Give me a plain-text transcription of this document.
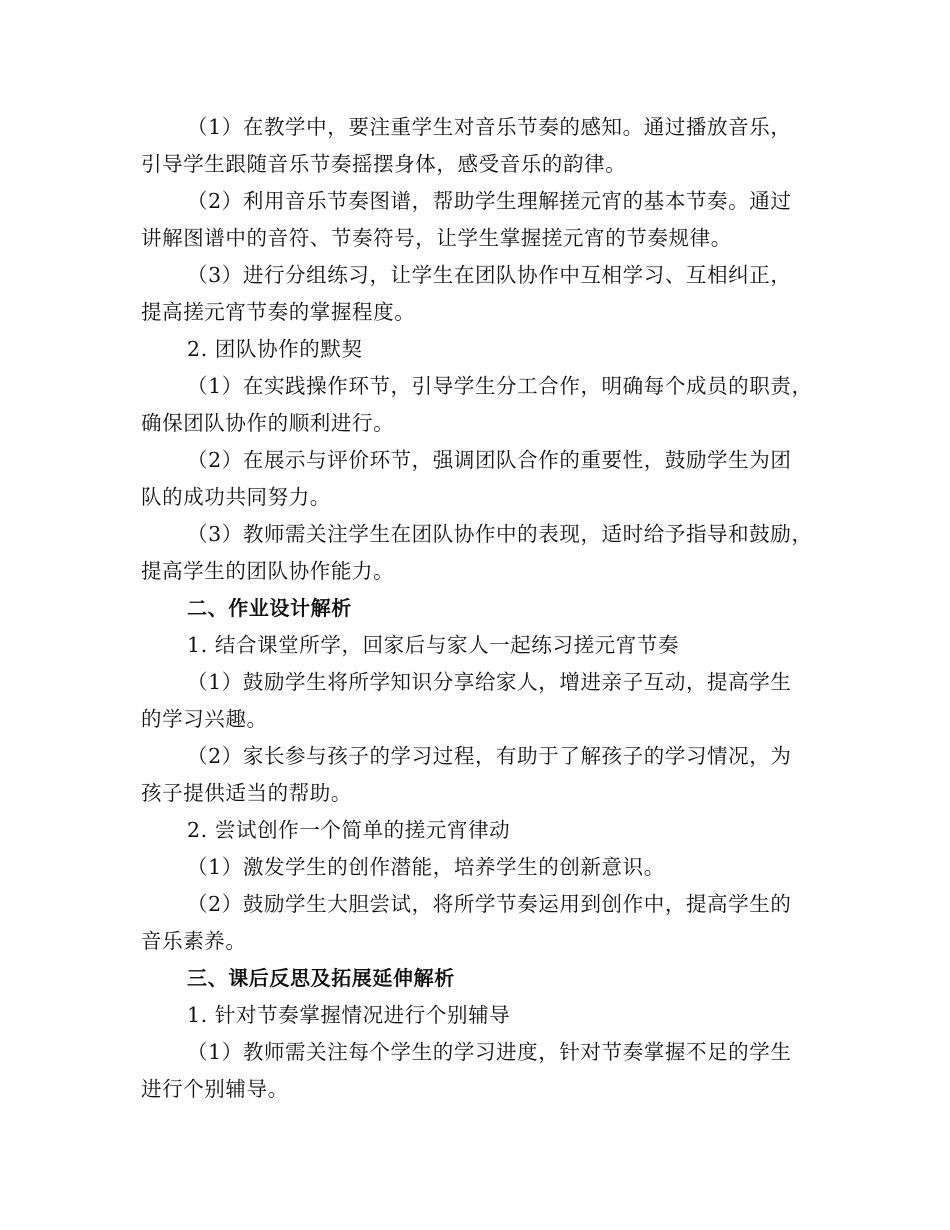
（1）在教学中，要注重学生对音乐节奏的感知。通过播放音乐，
引导学生跟随音乐节奏摇摆身体，感受音乐的韵律。
（2）利用音乐节奏图谱，帮助学生理解搓元宵的基本节奏。通过
讲解图谱中的音符、节奏符号，让学生掌握搓元宵的节奏规律。
（3）进行分组练习，让学生在团队协作中互相学习、互相纠正，
提高搓元宵节奏的掌握程度。
2. 团队协作的默契
（1）在实践操作环节，引导学生分工合作，明确每个成员的职责，
确保团队协作的顺利进行。
（2）在展示与评价环节，强调团队合作的重要性，鼓励学生为团
队的成功共同努力。
（3）教师需关注学生在团队协作中的表现，适时给予指导和鼓励，
提高学生的团队协作能力。
二、作业设计解析
1. 结合课堂所学，回家后与家人一起练习搓元宵节奏
（1）鼓励学生将所学知识分享给家人，增进亲子互动，提高学生
的学习兴趣。
（2）家长参与孩子的学习过程，有助于了解孩子的学习情况，为
孩子提供适当的帮助。
2. 尝试创作一个简单的搓元宵律动
（1）激发学生的创作潜能，培养学生的创新意识。
（2）鼓励学生大胆尝试，将所学节奏运用到创作中，提高学生的
音乐素养。
三、课后反思及拓展延伸解析
1. 针对节奏掌握情况进行个别辅导
（1）教师需关注每个学生的学习进度，针对节奏掌握不足的学生
进行个别辅导。
